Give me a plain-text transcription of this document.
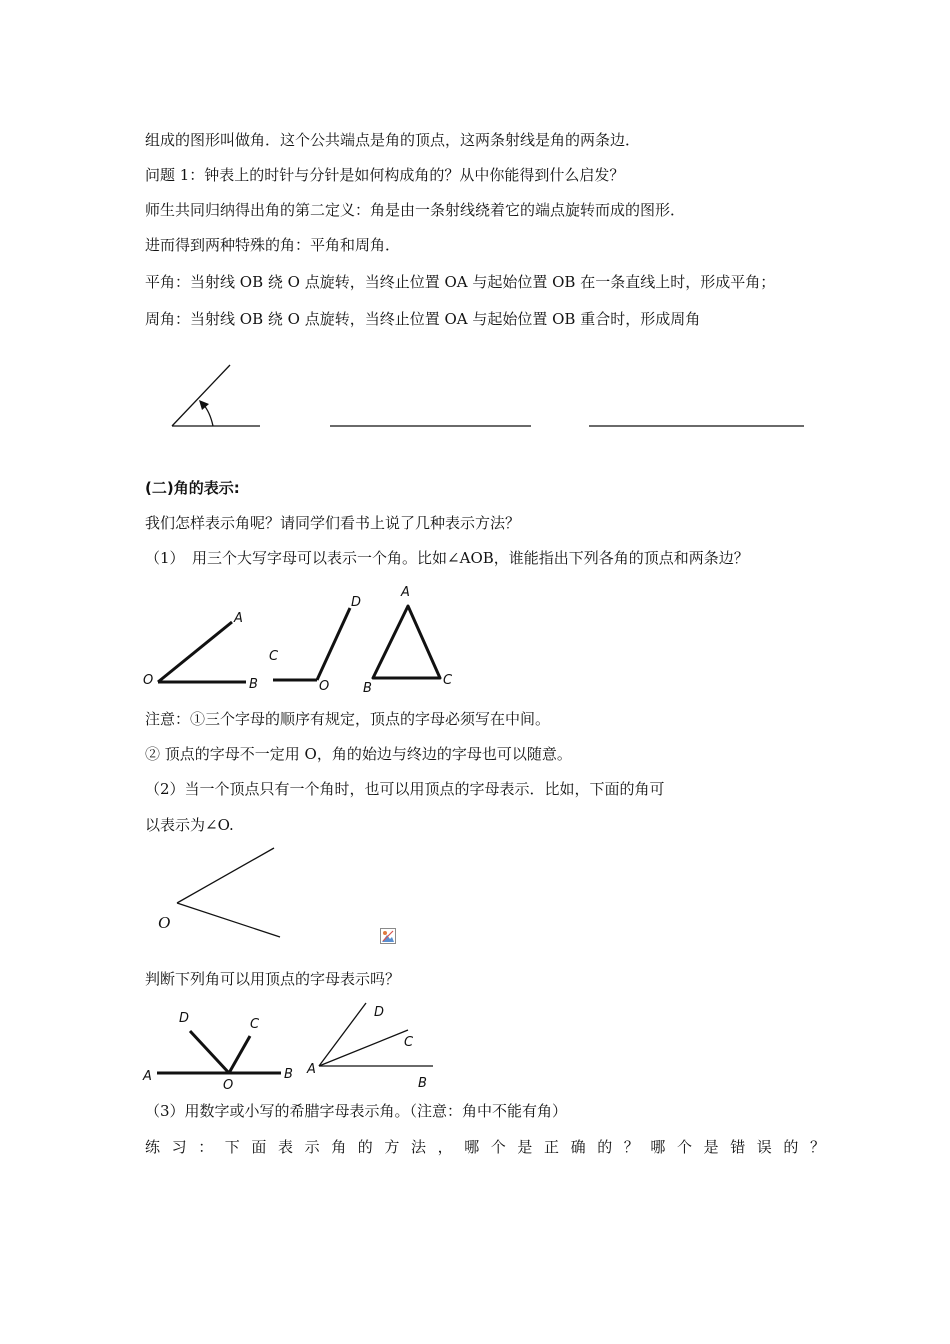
组成的图形叫做角．这个公共端点是角的顶点，这两条射线是角的两条边．
问题 1：钟表上的时针与分针是如何构成角的？从中你能得到什么启发？
师生共同归纳得出角的第二定义：角是由一条射线绕着它的端点旋转而成的图形．
进而得到两种特殊的角：平角和周角．
平角：当射线 OB 绕 O 点旋转，当终止位置 OA 与起始位置 OB 在一条直线上时，形成平角；
周角：当射线 OB 绕 O 点旋转，当终止位置 OA 与起始位置 OB 重合时，形成周角
(二)角的表示:
我们怎样表示角呢？请同学们看书上说了几种表示方法？
（1）　用三个大写字母可以表示一个角。比如∠AOB，谁能指出下列各角的顶点和两条边？
A
O	B
C
O
D
A
B
C
注意：①三个字母的顺序有规定，顶点的字母必须写在中间。
② 顶点的字母不一定用 O，角的始边与终边的字母也可以随意。
（2）当一个顶点只有一个角时，也可以用顶点的字母表示．比如，下面的角可
以表示为∠O.
O
判断下列角可以用顶点的字母表示吗？
A
O
B
C
D
A
B
C
D
（3）用数字或小写的希腊字母表示角。（注意：角中不能有角）
练习：下面表示角的方法，哪个是正确的？哪个是错误的？
